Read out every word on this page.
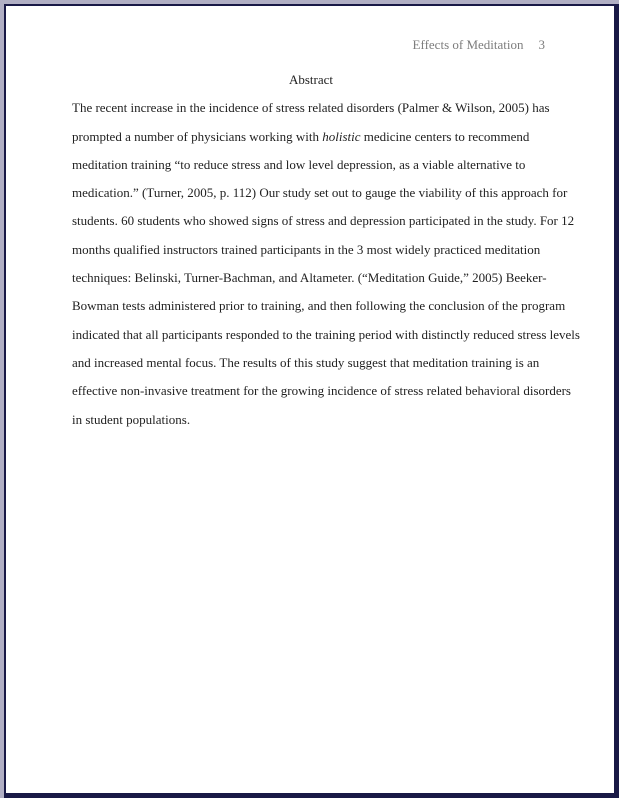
Effects of Meditation 3
Abstract
The recent increase in the incidence of stress related disorders (Palmer & Wilson, 2005) has
prompted a number of physicians working with holistic medicine centers to recommend
meditation training “to reduce stress and low level depression, as a viable alternative to
medication.” (Turner, 2005, p. 112) Our study set out to gauge the viability of this approach for
students. 60 students who showed signs of stress and depression participated in the study. For 12
months qualified instructors trained participants in the 3 most widely practiced meditation
techniques: Belinski, Turner-Bachman, and Altameter. (“Meditation Guide,” 2005) Beeker-
Bowman tests administered prior to training, and then following the conclusion of the program
indicated that all participants responded to the training period with distinctly reduced stress levels
and increased mental focus. The results of this study suggest that meditation training is an
effective non-invasive treatment for the growing incidence of stress related behavioral disorders
in student populations.
